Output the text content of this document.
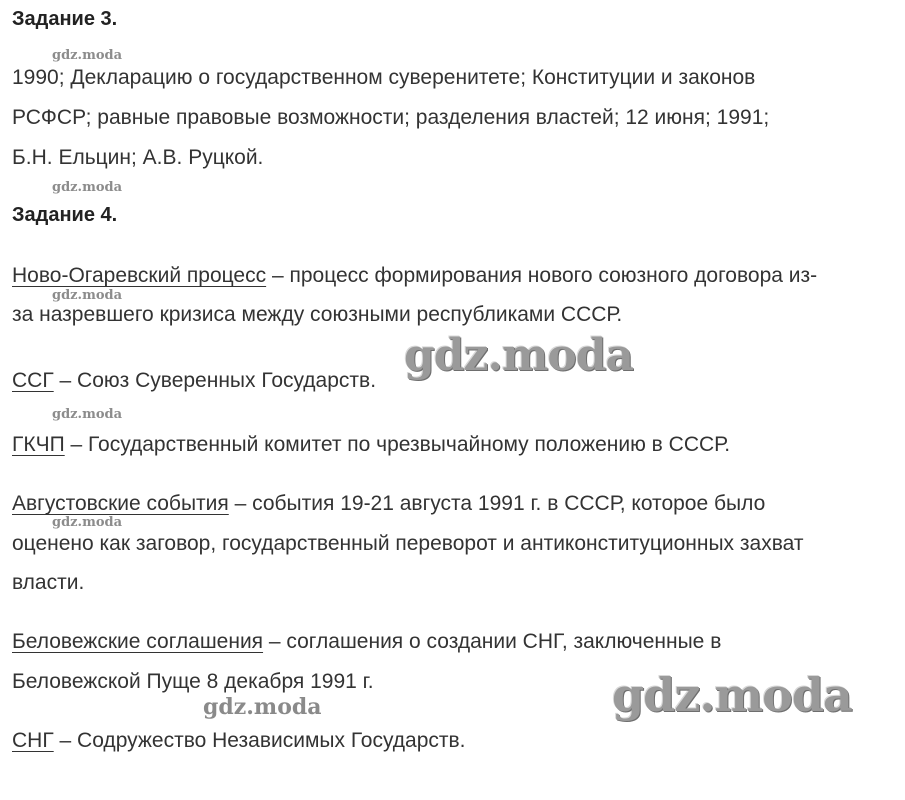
Задание 3.
1990; Декларацию о государственном суверенитете; Конституции и законов
РСФСР; равные правовые возможности; разделения властей; 12 июня; 1991;
Б.Н. Ельцин; А.В. Руцкой.
Задание 4.
Ново-Огаревский процесс – процесс формирования нового союзного договора из-
за назревшего кризиса между союзными республиками СССР.
ССГ – Союз Суверенных Государств.
ГКЧП – Государственный комитет по чрезвычайному положению в СССР.
Августовские события – события 19-21 августа 1991 г. в СССР, которое было
оценено как заговор, государственный переворот и антиконституционных захват
власти.
Беловежские соглашения – соглашения о создании СНГ, заключенные в
Беловежской Пуще 8 декабря 1991 г.
СНГ – Содружество Независимых Государств.
gdz.moda
gdz.moda
gdz.moda
gdz.moda
gdz.moda
gdz.moda
gdz.moda
gdz.moda
